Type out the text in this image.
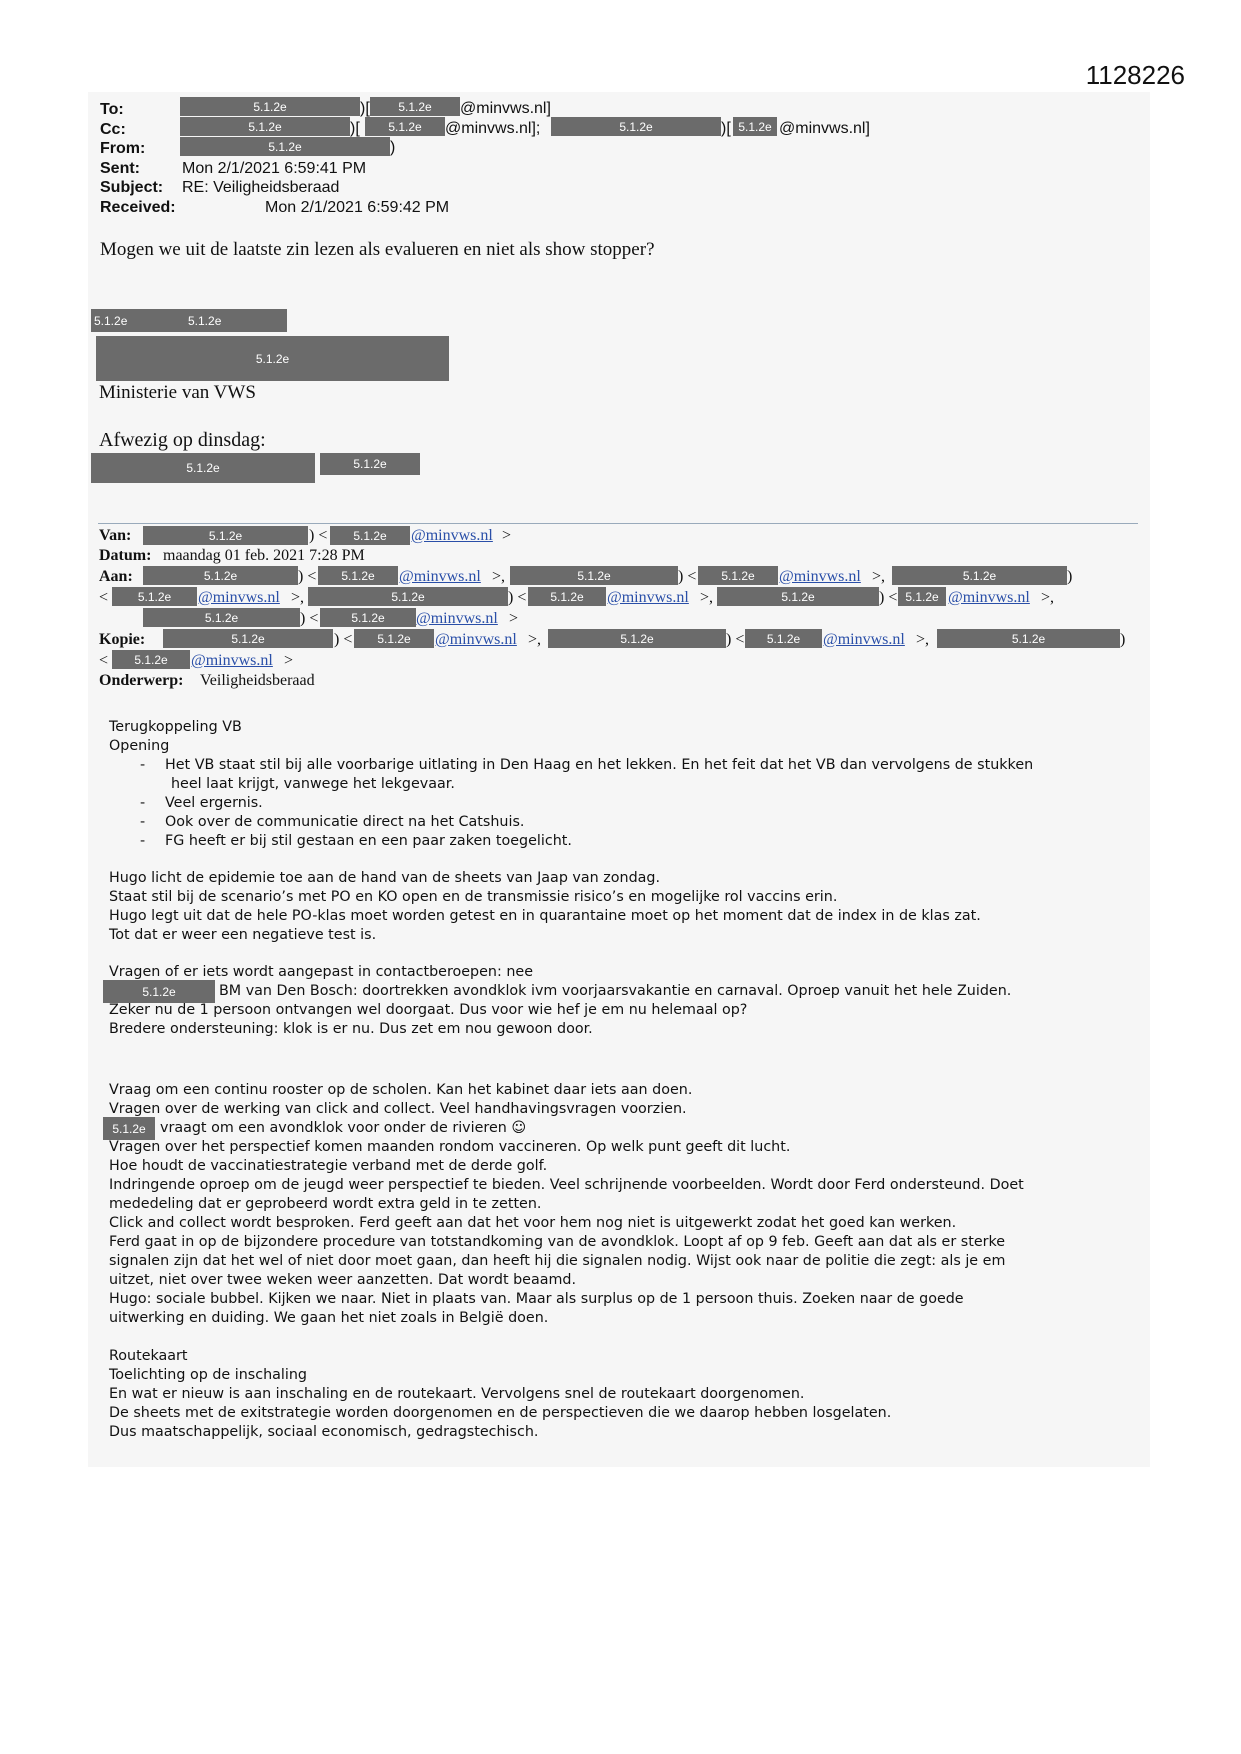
1128226
To:	5.1.2e	)[	5.1.2e	@minvws.nl]
Cc:	5.1.2e	)[	5.1.2e	@minvws.nl];	5.1.2e	)[ 5.1.2e @minvws.nl]
From:	5.1.2e	)
Sent:	Mon 2/1/2021 6:59:41 PM
Subject: RE: Veiligheidsberaad
Received:	Mon 2/1/2021 6:59:42 PM
Mogen we uit de laatste zin lezen als evalueren en niet als show stopper?
5.1.2e	5.1.2e
5.1.2e
Ministerie van VWS
Afwezig op dinsdag:
5.1.2e	5.1.2e
Van:	5.1.2e	) <	5.1.2e	@minvws.nl >
Datum: maandag 01 feb. 2021 7:28 PM
Aan:	5.1.2e	) <	5.1.2e	@minvws.nl >,	5.1.2e	) <	5.1.2e	@minvws.nl >,	5.1.2e	)
<	5.1.2e	@minvws.nl >,	5.1.2e	) <	5.1.2e	@minvws.nl >,	5.1.2e	) < 5.1.2e @minvws.nl >,
5.1.2e	) <	5.1.2e	@minvws.nl >
Kopie:	5.1.2e	) <	5.1.2e	@minvws.nl >,	5.1.2e	) <	5.1.2e	@minvws.nl >,	5.1.2e	)
<	5.1.2e	@minvws.nl >
Onderwerp: Veiligheidsberaad
Terugkoppeling VB
Opening
- Het VB staat stil bij alle voorbarige uitlating in Den Haag en het lekken. En het feit dat het VB dan vervolgens de stukken
heel laat krijgt, vanwege het lekgevaar.
- Veel ergernis.
- Ook over de communicatie direct na het Catshuis.
- FG heeft er bij stil gestaan en een paar zaken toegelicht.
Hugo licht de epidemie toe aan de hand van de sheets van Jaap van zondag.
Staat stil bij de scenario’s met PO en KO open en de transmissie risico’s en mogelijke rol vaccins erin.
Hugo legt uit dat de hele PO-klas moet worden getest en in quarantaine moet op het moment dat de index in de klas zat.
Tot dat er weer een negatieve test is.
Vragen of er iets wordt aangepast in contactberoepen: nee
5.1.2e	BM van Den Bosch: doortrekken avondklok ivm voorjaarsvakantie en carnaval. Oproep vanuit het hele Zuiden.
Zeker nu de 1 persoon ontvangen wel doorgaat. Dus voor wie hef je em nu helemaal op?
Bredere ondersteuning: klok is er nu. Dus zet em nou gewoon door.
Vraag om een continu rooster op de scholen. Kan het kabinet daar iets aan doen.
Vragen over de werking van click and collect. Veel handhavingsvragen voorzien.
5.1.2e	vraagt om een avondklok voor onder de rivieren ☺
Vragen over het perspectief komen maanden rondom vaccineren. Op welk punt geeft dit lucht.
Hoe houdt de vaccinatiestrategie verband met de derde golf.
Indringende oproep om de jeugd weer perspectief te bieden. Veel schrijnende voorbeelden. Wordt door Ferd ondersteund. Doet
mededeling dat er geprobeerd wordt extra geld in te zetten.
Click and collect wordt besproken. Ferd geeft aan dat het voor hem nog niet is uitgewerkt zodat het goed kan werken.
Ferd gaat in op de bijzondere procedure van totstandkoming van de avondklok. Loopt af op 9 feb. Geeft aan dat als er sterke
signalen zijn dat het wel of niet door moet gaan, dan heeft hij die signalen nodig. Wijst ook naar de politie die zegt: als je em
uitzet, niet over twee weken weer aanzetten. Dat wordt beaamd.
Hugo: sociale bubbel. Kijken we naar. Niet in plaats van. Maar als surplus op de 1 persoon thuis. Zoeken naar de goede
uitwerking en duiding. We gaan het niet zoals in België doen.
Routekaart
Toelichting op de inschaling
En wat er nieuw is aan inschaling en de routekaart. Vervolgens snel de routekaart doorgenomen.
De sheets met de exitstrategie worden doorgenomen en de perspectieven die we daarop hebben losgelaten.
Dus maatschappelijk, sociaal economisch, gedragstechisch.
